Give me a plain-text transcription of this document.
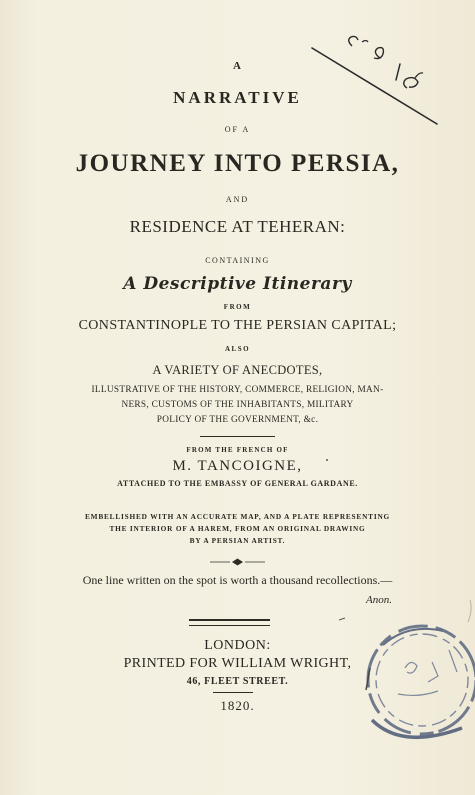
A
NARRATIVE
OF A
JOURNEY INTO PERSIA,
AND
RESIDENCE AT TEHERAN:
CONTAINING
A Descriptive Itinerary
FROM
CONSTANTINOPLE TO THE PERSIAN CAPITAL;
ALSO
A VARIETY OF ANECDOTES,
ILLUSTRATIVE OF THE HISTORY, COMMERCE, RELIGION, MAN-
NERS, CUSTOMS OF THE INHABITANTS, MILITARY
POLICY OF THE GOVERNMENT, &c.
FROM THE FRENCH OF
M. TANCOIGNE,
ATTACHED TO THE EMBASSY OF GENERAL GARDANE.
EMBELLISHED WITH AN ACCURATE MAP, AND A PLATE REPRESENTING
THE INTERIOR OF A HAREM, FROM AN ORIGINAL DRAWING
BY A PERSIAN ARTIST.
One line written on the spot is worth a thousand recollections.—
Anon.
LONDON:
PRINTED FOR WILLIAM WRIGHT,
46, FLEET STREET.
1820.
